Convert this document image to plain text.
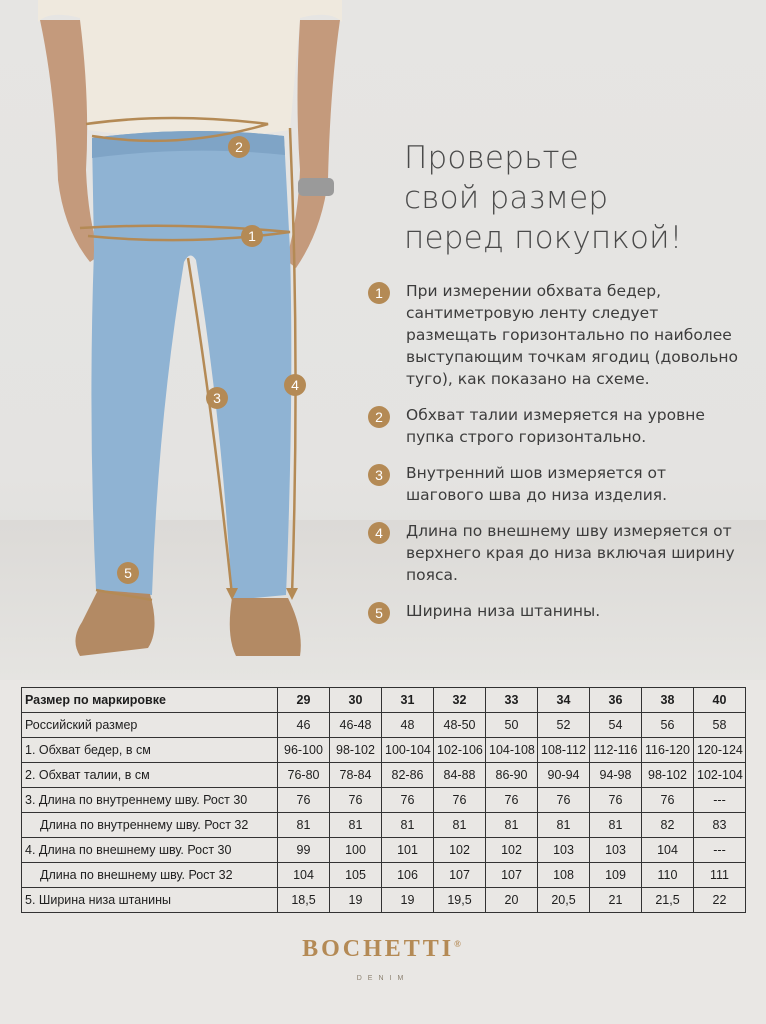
1
2
3
4
5
Проверьте
свой размер
перед покупкой!
1	При измерении обхвата бедер, сантиметровую ленту следует размещать горизонтально по наиболее выступающим точкам ягодиц (довольно туго), как показано на схеме.
2	Обхват талии измеряется на уровне пупка строго горизонтально.
3	Внутренний шов измеряется от шагового шва до низа изделия.
4	Длина по внешнему шву измеряется от верхнего края до низа включая ширину пояса.
5	Ширина низа штанины.
Размер по маркировке	29	30	31	32	33	34	36	38	40
Российский размер	46	46-48	48	48-50	50	52	54	56	58
1. Обхват бедер, в см	96-100	98-102	100-104	102-106	104-108	108-112	112-116	116-120	120-124
2. Обхват талии, в см	76-80	78-84	82-86	84-88	86-90	90-94	94-98	98-102	102-104
3. Длина по внутреннему шву. Рост 30	76	76	76	76	76	76	76	76	---
Длина по внутреннему шву. Рост 32	81	81	81	81	81	81	81	82	83
4. Длина по внешнему шву. Рост 30	99	100	101	102	102	103	103	104	---
Длина по внешнему шву. Рост 32	104	105	106	107	107	108	109	110	111
5. Ширина низа штанины	18,5	19	19	19,5	20	20,5	21	21,5	22
BOCHETTI®
DENIM
